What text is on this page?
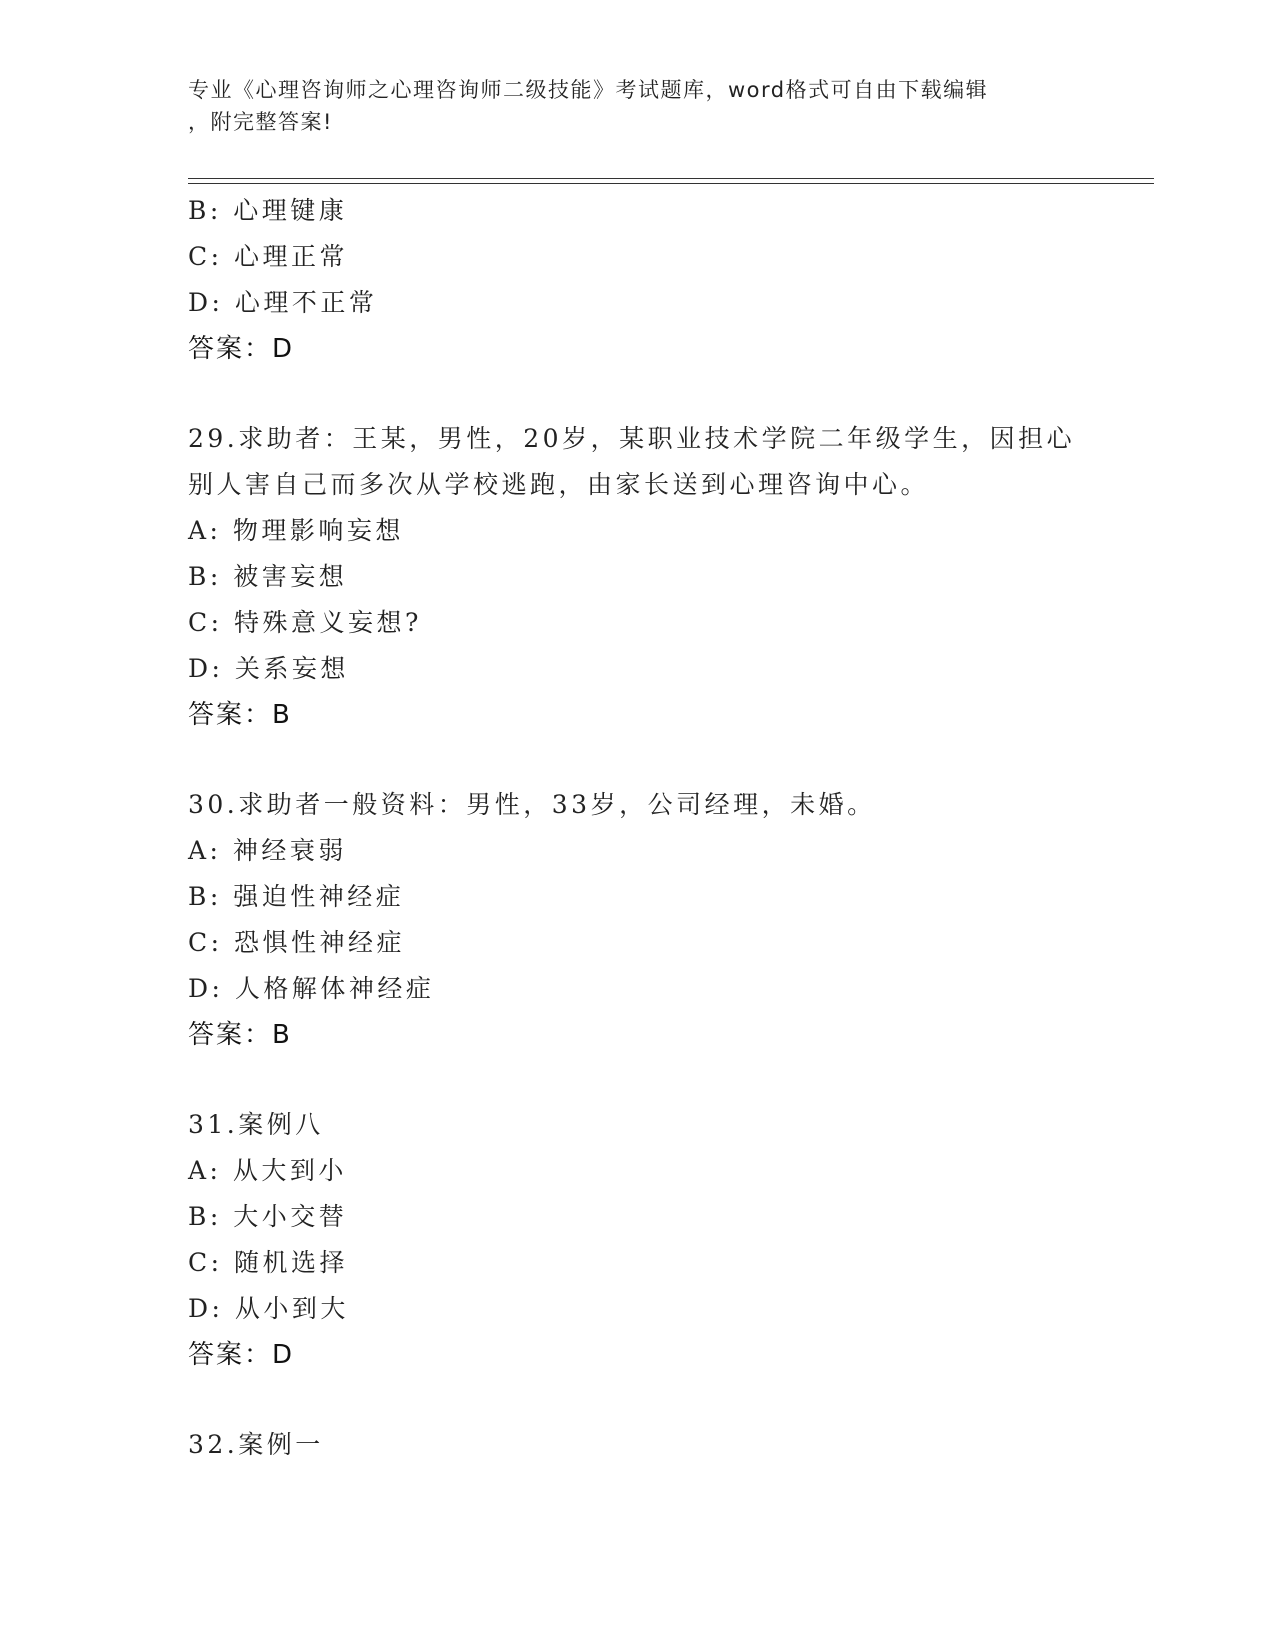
专业《心理咨询师之心理咨询师二级技能》考试题库，word格式可自由下载编辑
，附完整答案!
B: 心理键康
C: 心理正常
D: 心理不正常
答案：D
29.求助者：王某，男性，20岁，某职业技术学院二年级学生，因担心
别人害自己而多次从学校逃跑，由家长送到心理咨询中心。
A: 物理影响妄想
B: 被害妄想
C: 特殊意义妄想?
D: 关系妄想
答案：B
30.求助者一般资料：男性，33岁，公司经理，未婚。
A: 神经衰弱
B: 强迫性神经症
C: 恐惧性神经症
D: 人格解体神经症
答案：B
31.案例八
A: 从大到小
B: 大小交替
C: 随机选择
D: 从小到大
答案：D
32.案例一
